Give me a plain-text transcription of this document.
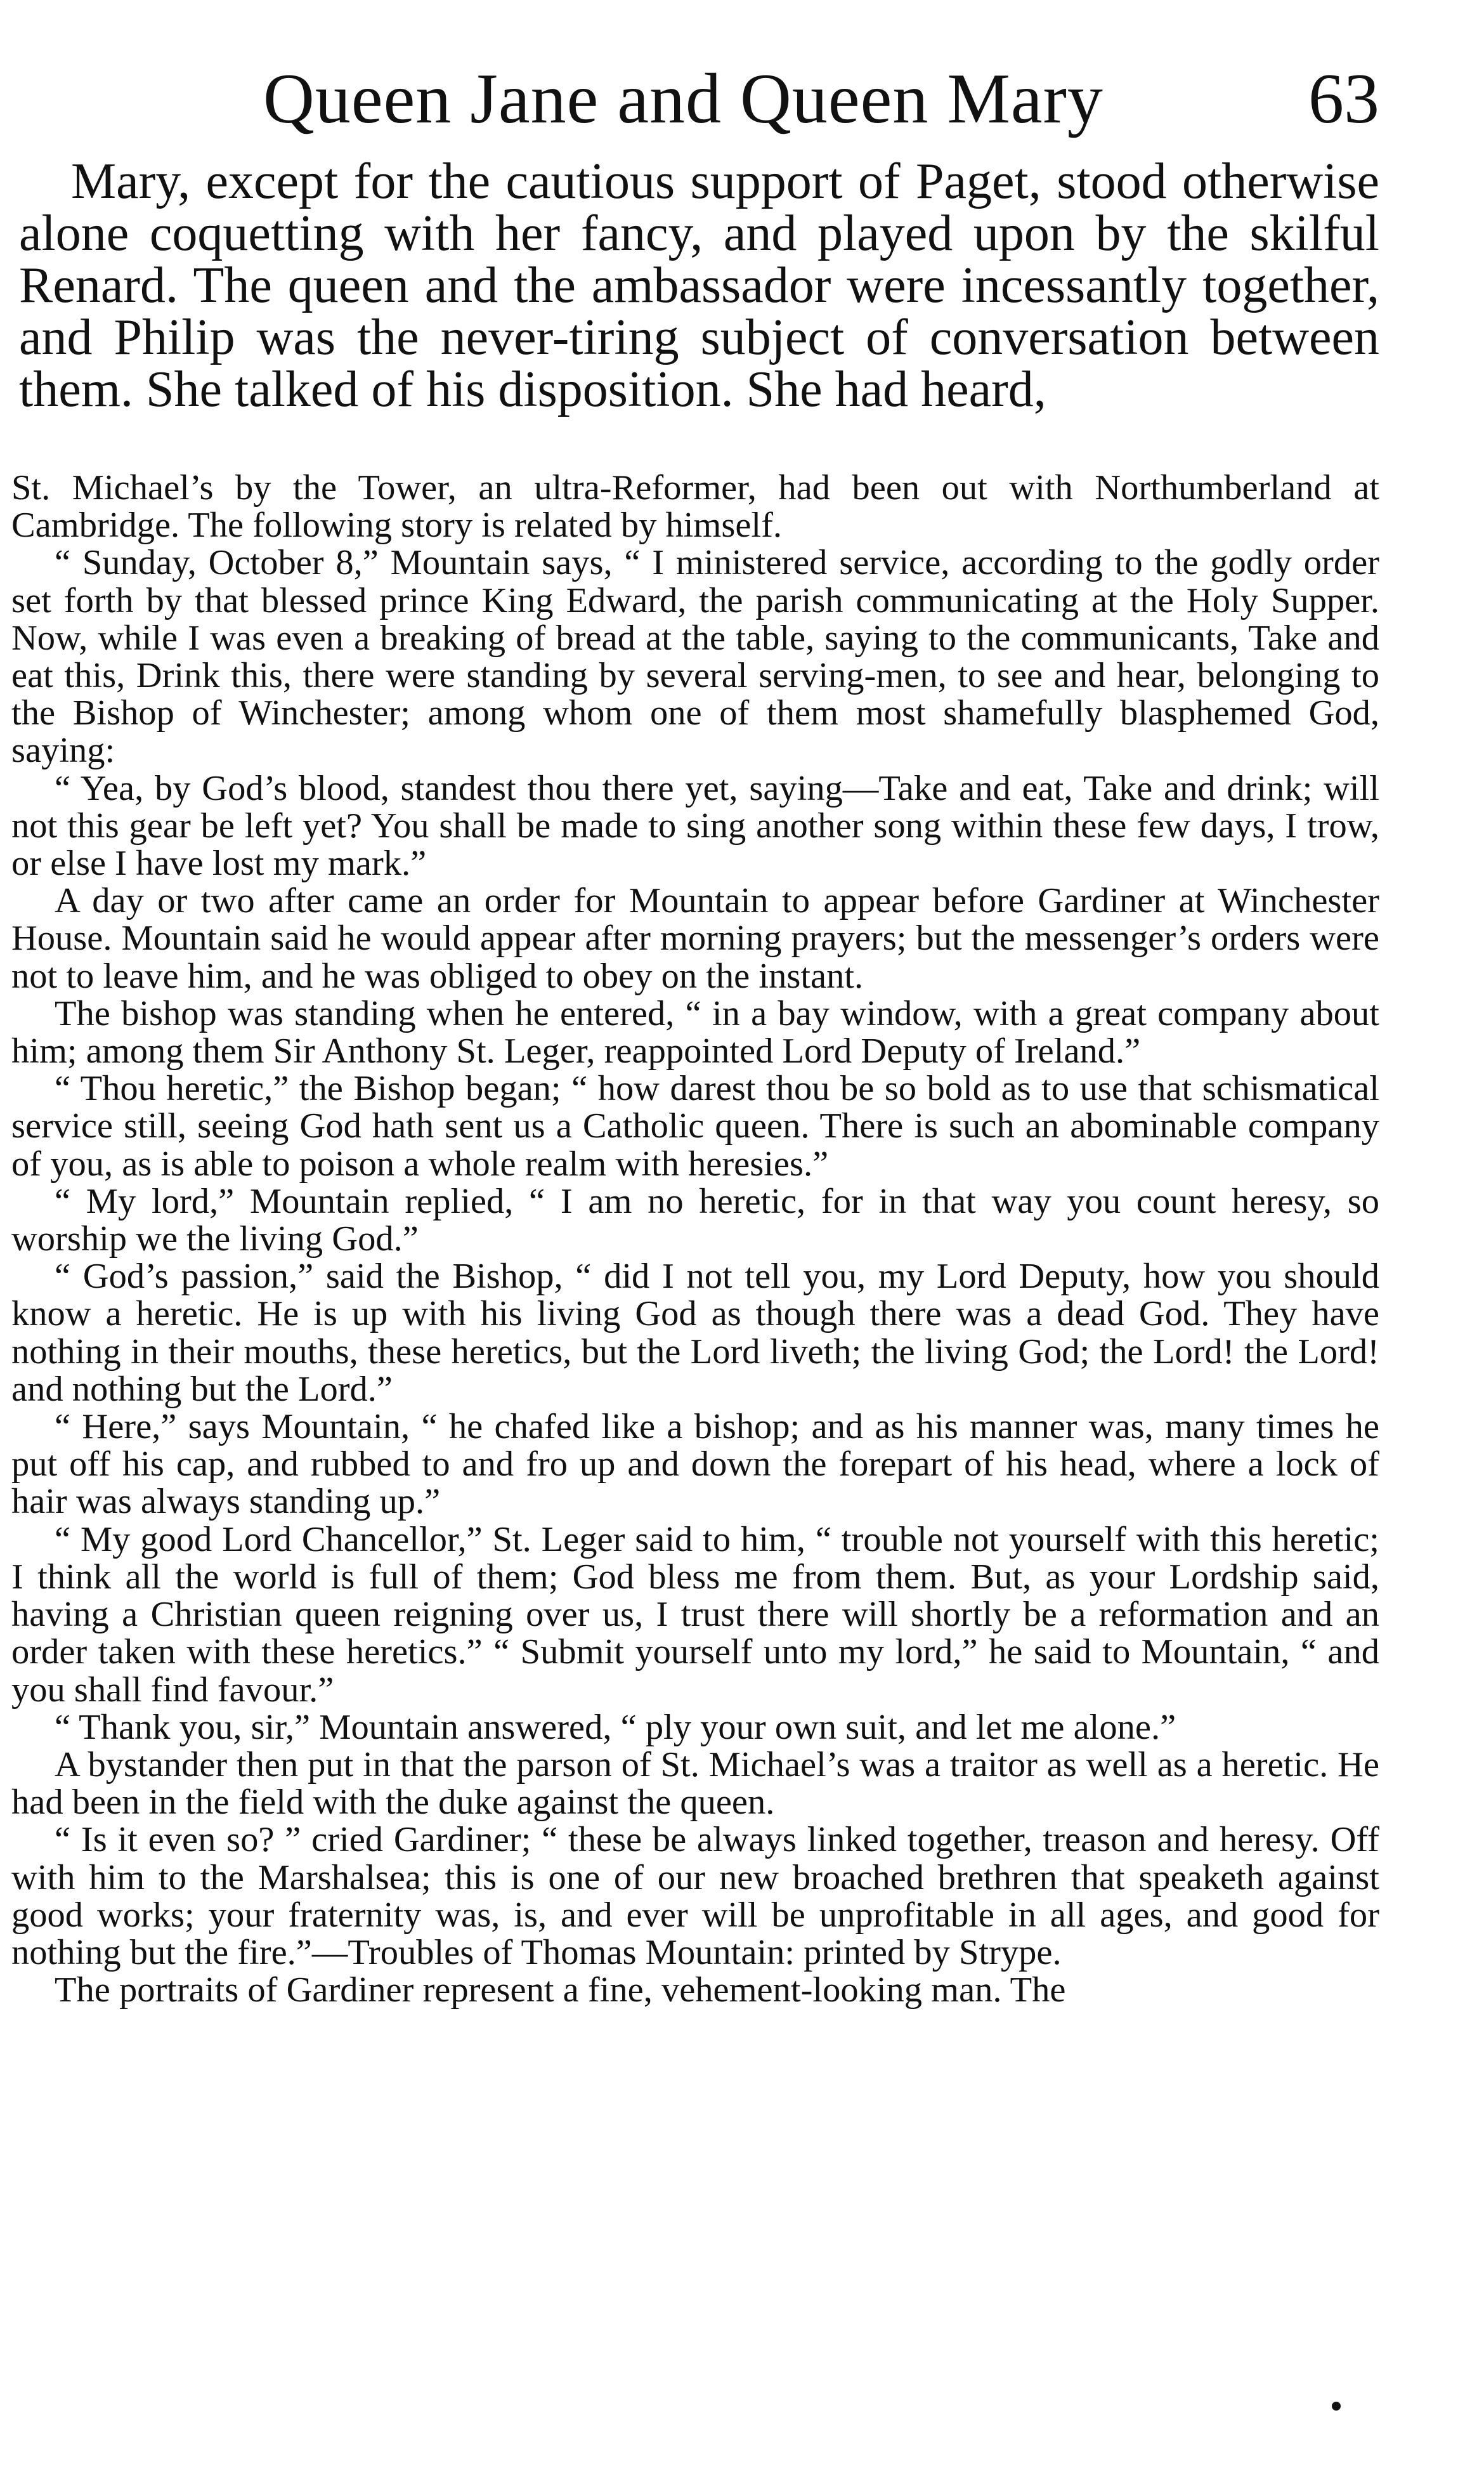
Queen Jane and Queen Mary	63

Mary, except for the cautious support of Paget, stood otherwise alone coquetting with her fancy, and played upon by the skilful Renard. The queen and the ambassador were incessantly together, and Philip was the never-tiring subject of conversation between them. She talked of his disposition. She had heard,

St. Michael’s by the Tower, an ultra-Reformer, had been out with Northumberland at Cambridge. The following story is related by himself.

“ Sunday, October 8,” Mountain says, “ I ministered service, according to the godly order set forth by that blessed prince King Edward, the parish communicating at the Holy Supper. Now, while I was even a breaking of bread at the table, saying to the communicants, Take and eat this, Drink this, there were standing by several serving-men, to see and hear, belonging to the Bishop of Winchester; among whom one of them most shamefully blasphemed God, saying:

“ Yea, by God’s blood, standest thou there yet, saying—Take and eat, Take and drink; will not this gear be left yet? You shall be made to sing another song within these few days, I trow, or else I have lost my mark.”

A day or two after came an order for Mountain to appear before Gardiner at Winchester House. Mountain said he would appear after morning prayers; but the messenger’s orders were not to leave him, and he was obliged to obey on the instant.

The bishop was standing when he entered, “ in a bay window, with a great company about him; among them Sir Anthony St. Leger, reappointed Lord Deputy of Ireland.”

“ Thou heretic,” the Bishop began; “ how darest thou be so bold as to use that schismatical service still, seeing God hath sent us a Catholic queen. There is such an abominable company of you, as is able to poison a whole realm with heresies.”

“ My lord,” Mountain replied, “ I am no heretic, for in that way you count heresy, so worship we the living God.”

“ God’s passion,” said the Bishop, “ did I not tell you, my Lord Deputy, how you should know a heretic. He is up with his living God as though there was a dead God. They have nothing in their mouths, these heretics, but the Lord liveth; the living God; the Lord! the Lord! and nothing but the Lord.”

“ Here,” says Mountain, “ he chafed like a bishop; and as his manner was, many times he put off his cap, and rubbed to and fro up and down the forepart of his head, where a lock of hair was always standing up.”

“ My good Lord Chancellor,” St. Leger said to him, “ trouble not yourself with this heretic; I think all the world is full of them; God bless me from them. But, as your Lordship said, having a Christian queen reigning over us, I trust there will shortly be a reformation and an order taken with these heretics.” “ Submit yourself unto my lord,” he said to Mountain, “ and you shall find favour.”

“ Thank you, sir,” Mountain answered, “ ply your own suit, and let me alone.”

A bystander then put in that the parson of St. Michael’s was a traitor as well as a heretic. He had been in the field with the duke against the queen.

“ Is it even so? ” cried Gardiner; “ these be always linked together, treason and heresy. Off with him to the Marshalsea; this is one of our new broached brethren that speaketh against good works; your fraternity was, is, and ever will be unprofitable in all ages, and good for nothing but the fire.”—Troubles of Thomas Mountain: printed by Strype.

The portraits of Gardiner represent a fine, vehement-looking man. The
